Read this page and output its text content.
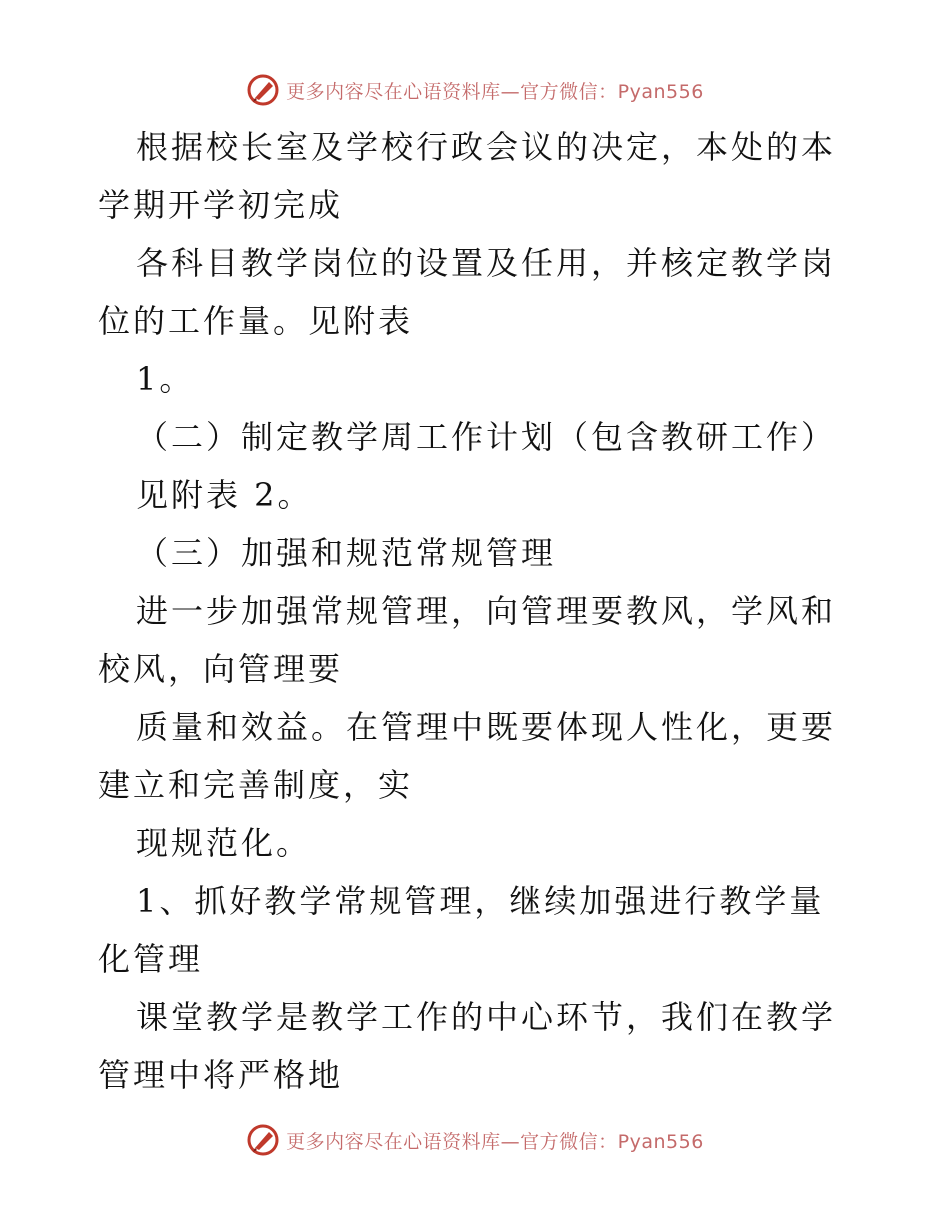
更多内容尽在心语资料库—官方微信：Pyan556

根据校长室及学校行政会议的决定，本处的本学期开学初完成

各科目教学岗位的设置及任用，并核定教学岗位的工作量。见附表

1。

（二）制定教学周工作计划（包含教研工作）

见附表 2。

（三）加强和规范常规管理

进一步加强常规管理，向管理要教风，学风和校风，向管理要

质量和效益。在管理中既要体现人性化，更要建立和完善制度，实

现规范化。

1、抓好教学常规管理，继续加强进行教学量化管理

课堂教学是教学工作的中心环节，我们在教学管理中将严格地

更多内容尽在心语资料库—官方微信：Pyan556
